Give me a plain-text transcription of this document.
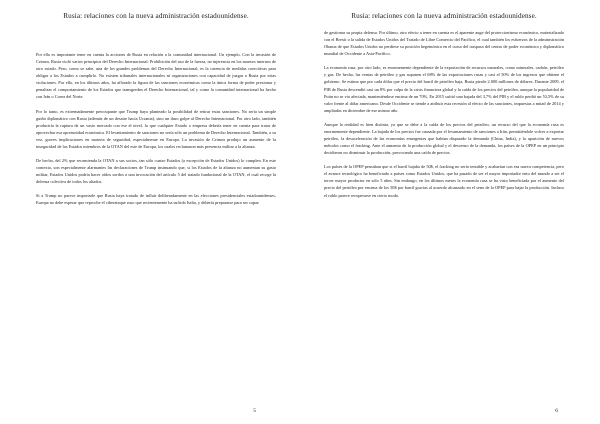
Rusia: relaciones con la nueva administración estadounidense.

Por ello es importante tener en cuenta la acciones de Rusia en relación a la comunidad internacional. Un ejemplo. Con la invasión de Crimea, Rusia violó varios principios del Derecho Internacional: Prohibición del uso de la fuerza, no injerencia en los asuntos internos de otro estado. Pero, como se sabe, una de los grandes problemas del Derecho Internacional, es la carencia de medidas coercitivas para obligar a los Estados a cumplirlo. No existen tribunales internacionales ni organizaciones con capacidad de juzgar a Rusia por estas violaciones. Por ello, en los últimos años, ha aflorado la figura de las sanciones económicas como la única forma de poder presionar y penalizar el comportamiento de los Estados que transgreden el Derecho Internacional, tal y como la comunidad internacional ha hecho con Irán o Corea del Norte.

Por lo tanto, es extremadamente preocupante que Trump haya planteado la posibilidad de retirar estas sanciones. No sería un simple guiño diplomático con Rusia (además de un desaire hacia Ucrania), sino un duro golpe al Derecho Internacional. Por otro lado, también produciría la ruptura de un vasto mercado con ese el nivel, lo que cualquier Estado o empresa debería tener en cuenta para tratar de aprovechar esa oportunidad económica. El levantamiento de sanciones no sería sólo un problema de Derecho Internacional. También, a su vez, graves implicaciones en materia de seguridad, especialmente en Europa. La invasión de Crimea produjo un aumento de la inseguridad de los Estados miembros de la OTAN del este de Europa, los cuales reclamaron más presencia militar a la alianza.

De hecho, del 2% que recomienda la OTAN a sus socios, tan sólo cuatro Estados (a excepción de Estados Unidos) lo cumplen. En este contexto, son especialmente alarmantes las declaraciones de Trump insinuando que, si los Estados de la alianza no aumentan su gasto militar, Estados Unidos podría hacer oídos sordos a una invocación del artículo 5 del tratado fundacional de la OTAN, el cual recoge la defensa colectiva de todos los aliados.

Si a Trump no parece importarle que Rusia haya tratado de influir deliberadamente en las elecciones presidenciales estadounidenses, Europa no debe esperar que reproche el ciberataque ruso que recientemente ha sufrido Italia, y debería prepararse para ser capaz

5
Rusia: relaciones con la nueva administración estadounidense.

de gestionar su propia defensa. Por último, otro efecto a tener en cuenta es el aparente auge del proteccionismo económico, materializado con el Brexit o la salida de Estados Unidos del Tratado de Libre Comercio del Pacífico, el cual también los esfuerzos de la administración Obama de que Estados Unidos no perdiese su posición hegemónica en el curso del traspaso del centro de poder económico y diplomático mundial de Occidente a Asia-Pacífico.

La economía rusa, por otro lado, es enormemente dependiente de la exportación de recursos naturales, como minerales, carbón, petróleo y gas. De hecho, las ventas de petróleo y gas suponen el 68% de las exportaciones rusas y casi el 50% de los ingresos que obtiene el gobierno. Se estima que por cada dólar que el precio del barril de petróleo baja, Rusia pierde 2.000 millones de dólares. Durante 2009, el PIB de Rusia descendió casi un 8% por culpa de la crisis financiera global y la caída de los precios del petróleo, aunque la popularidad de Putin no se vio afectada, manteniéndose encima de un 70%. En 2015 sufrió una bajada del 3,7% del PIB y el rublo perdió un 53,5% de su valor frente al dólar americano. Desde Occidente se tiende a atribuir esta recesión al efecto de las sanciones, impuestas a mitad de 2014 y ampliadas en diciembre de ese mismo año.

Aunque la realidad es bien distinta, ya que se debe a la caída de los precios del petróleo, un recurso del que la economía rusa es enormemente dependiente. La bajada de los precios fue causada por el levantamiento de sanciones a Irán, permitiéndole volver a exportar petróleo, la desaceleración de las economías emergentes que habían disparado la demanda (China, India), y la aparición de nuevos métodos como el fracking. Ante el aumento de la producción global y el descenso de la demanda, los países de la OPEP en un principio decidieron no disminuir la producción, provocando una caída de precios.

Los países de la OPEP pensaban que si el barril bajaba de 50$, el fracking no sería rentable y acabarían con esa nueva competencia, pero el avance tecnológico ha beneficiado a países como Estados Unidos, que ha pasado de ser el mayor importador neto del mundo a ser el tercer mayor productor en sólo 5 años. Sin embargo, en los últimos meses la economía rusa se ha visto beneficiada por el aumento del precio del petróleo por encima de los 50$ por barril gracias al acuerdo alcanzado en el seno de la OPEP para bajar la producción. Incluso el rublo parece recuperarse en cierto modo.

6
